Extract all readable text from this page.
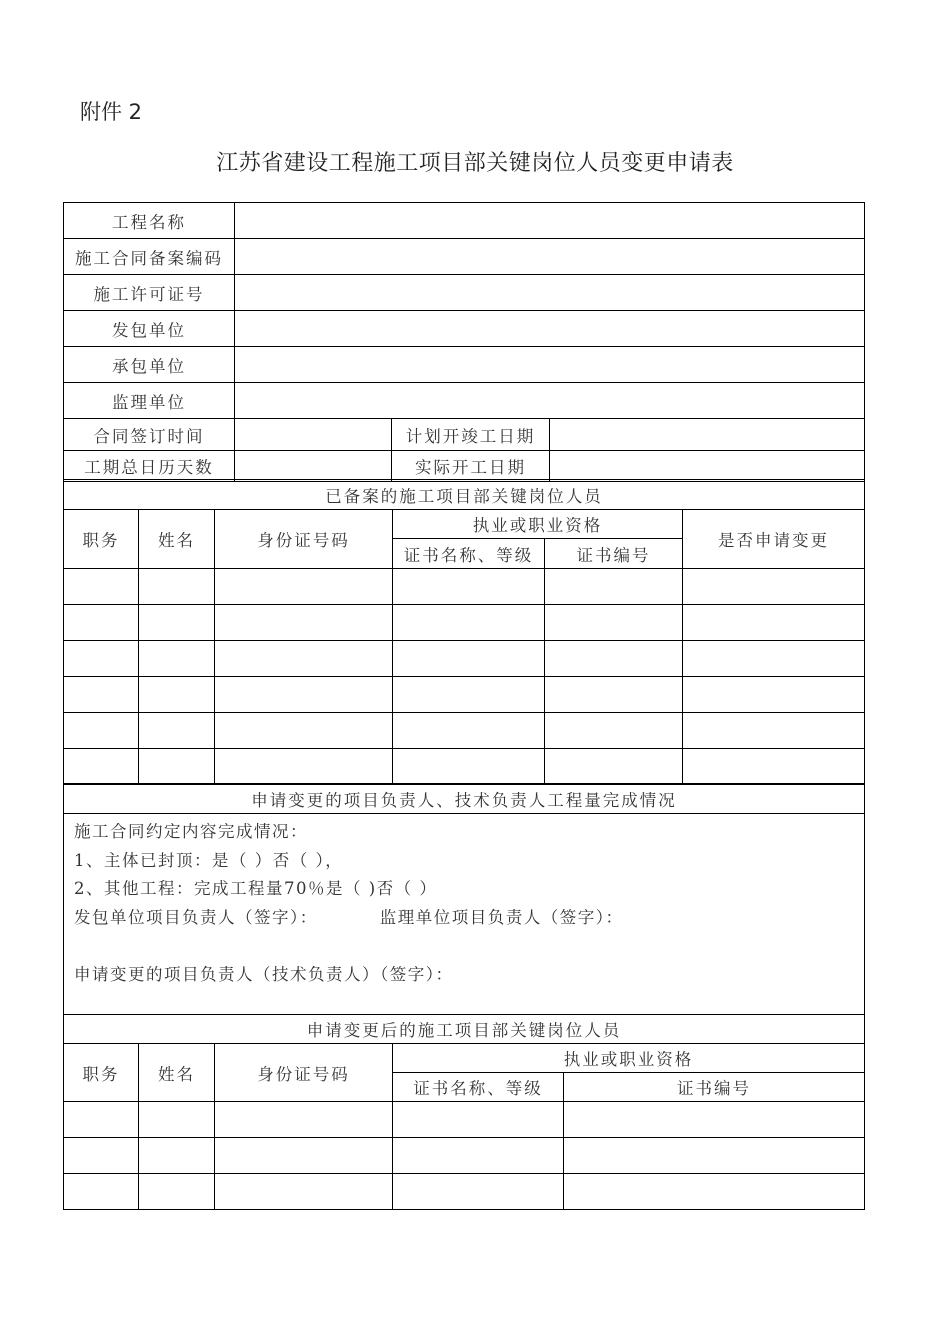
附件 2
江苏省建设工程施工项目部关键岗位人员变更申请表
工程名称			
施工合同备案编码			
施工许可证号			
发包单位			
承包单位			
监理单位			
合同签订时间		计划开竣工日期	
工期总日历天数		实际开工日期	
已备案的施工项目部关键岗位人员					
职务	姓名	身份证号码	执业或职业资格		是否申请变更
			证书名称、等级	证书编号	

申请变更的项目负责人、技术负责人工程量完成情况

施工合同约定内容完成情况：
1、主体已封顶：是（ ）否（ ），
2、其他工程：完成工程量70％是（ )否（ ）
发包单位项目负责人（签字）：	监理单位项目负责人（签字）：
申请变更的项目负责人（技术负责人）（签字）：
申请变更后的施工项目部关键岗位人员				
职务	姓名	身份证号码	执业或职业资格	
			证书名称、等级	证书编号
